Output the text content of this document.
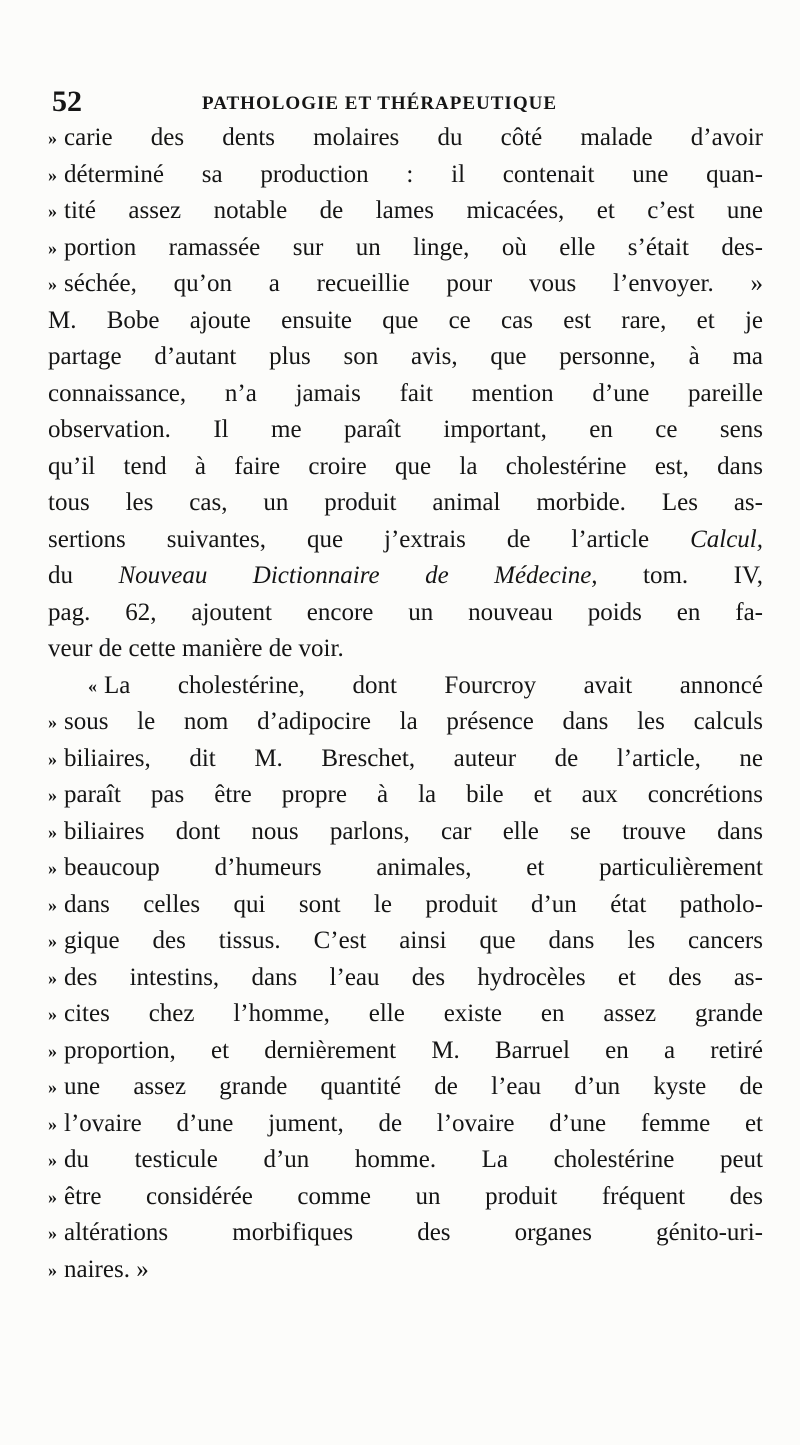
52	PATHOLOGIE ET THÉRAPEUTIQUE
» carie des dents molaires du côté malade d’avoir
» déterminé sa production : il contenait une quan-
» tité assez notable de lames micacées, et c’est une
» portion ramassée sur un linge, où elle s’était des-
» séchée, qu’on a recueillie pour vous l’envoyer. »
M. Bobe ajoute ensuite que ce cas est rare, et je
partage d’autant plus son avis, que personne, à ma
connaissance, n’a jamais fait mention d’une pareille
observation. Il me paraît important, en ce sens
qu’il tend à faire croire que la cholestérine est, dans
tous les cas, un produit animal morbide. Les as-
sertions suivantes, que j’extrais de l’article Calcul,
du Nouveau Dictionnaire de Médecine, tom. IV,
pag. 62, ajoutent encore un nouveau poids en fa-
veur de cette manière de voir.
« La cholestérine, dont Fourcroy avait annoncé
» sous le nom d’adipocire la présence dans les calculs
» biliaires, dit M. Breschet, auteur de l’article, ne
» paraît pas être propre à la bile et aux concrétions
» biliaires dont nous parlons, car elle se trouve dans
» beaucoup d’humeurs animales, et particulièrement
» dans celles qui sont le produit d’un état patholo-
» gique des tissus. C’est ainsi que dans les cancers
» des intestins, dans l’eau des hydrocèles et des as-
» cites chez l’homme, elle existe en assez grande
» proportion, et dernièrement M. Barruel en a retiré
» une assez grande quantité de l’eau d’un kyste de
» l’ovaire d’une jument, de l’ovaire d’une femme et
» du testicule d’un homme. La cholestérine peut
» être considérée comme un produit fréquent des
» altérations morbifiques des organes génito-uri-
» naires. »
